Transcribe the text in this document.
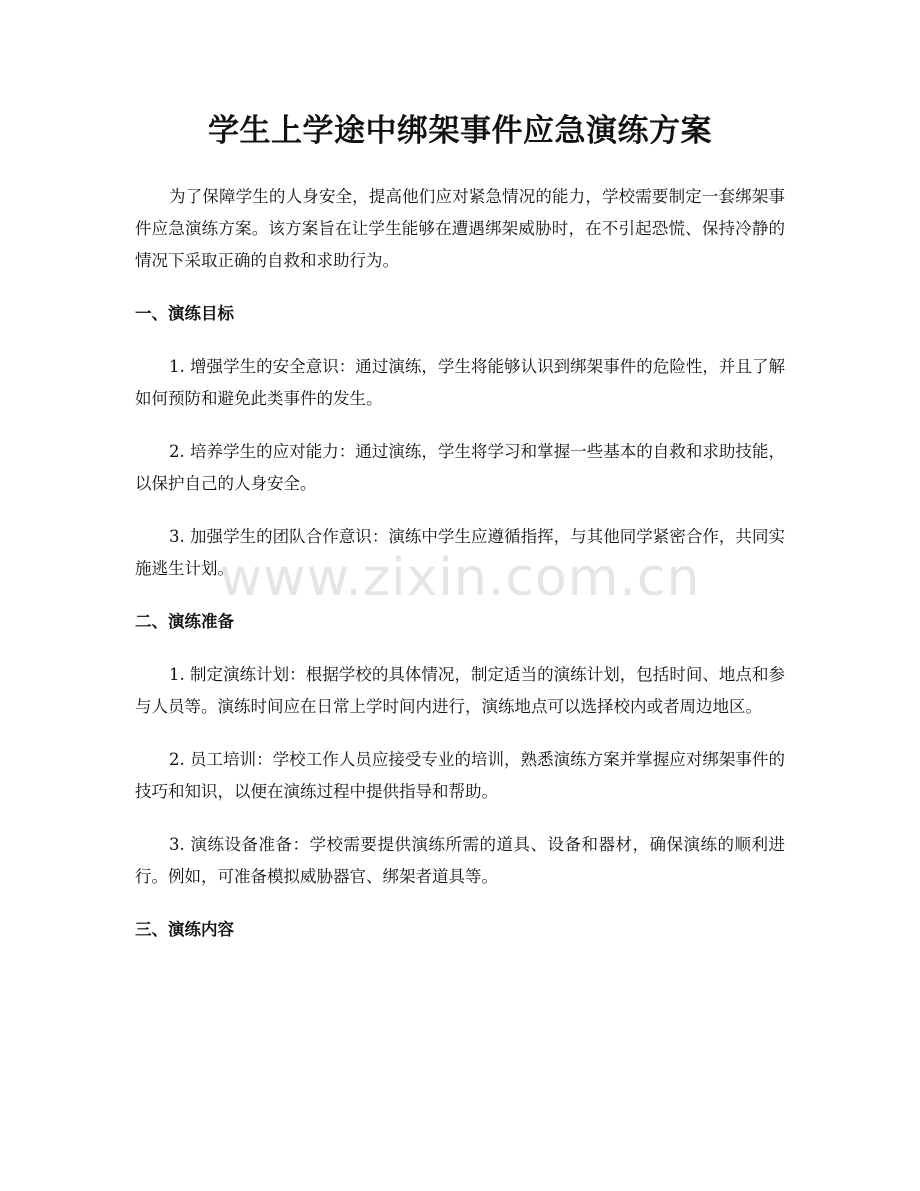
学生上学途中绑架事件应急演练方案

为了保障学生的人身安全，提高他们应对紧急情况的能力，学校需要制定一套绑架事件应急演练方案。该方案旨在让学生能够在遭遇绑架威胁时，在不引起恐慌、保持冷静的情况下采取正确的自救和求助行为。

一、演练目标

1. 增强学生的安全意识：通过演练，学生将能够认识到绑架事件的危险性，并且了解如何预防和避免此类事件的发生。

2. 培养学生的应对能力：通过演练，学生将学习和掌握一些基本的自救和求助技能，以保护自己的人身安全。

3. 加强学生的团队合作意识：演练中学生应遵循指挥，与其他同学紧密合作，共同实施逃生计划。

二、演练准备

1. 制定演练计划：根据学校的具体情况，制定适当的演练计划，包括时间、地点和参与人员等。演练时间应在日常上学时间内进行，演练地点可以选择校内或者周边地区。

2. 员工培训：学校工作人员应接受专业的培训，熟悉演练方案并掌握应对绑架事件的技巧和知识，以便在演练过程中提供指导和帮助。

3. 演练设备准备：学校需要提供演练所需的道具、设备和器材，确保演练的顺利进行。例如，可准备模拟威胁器官、绑架者道具等。

三、演练内容
www.zixin.com.cn
